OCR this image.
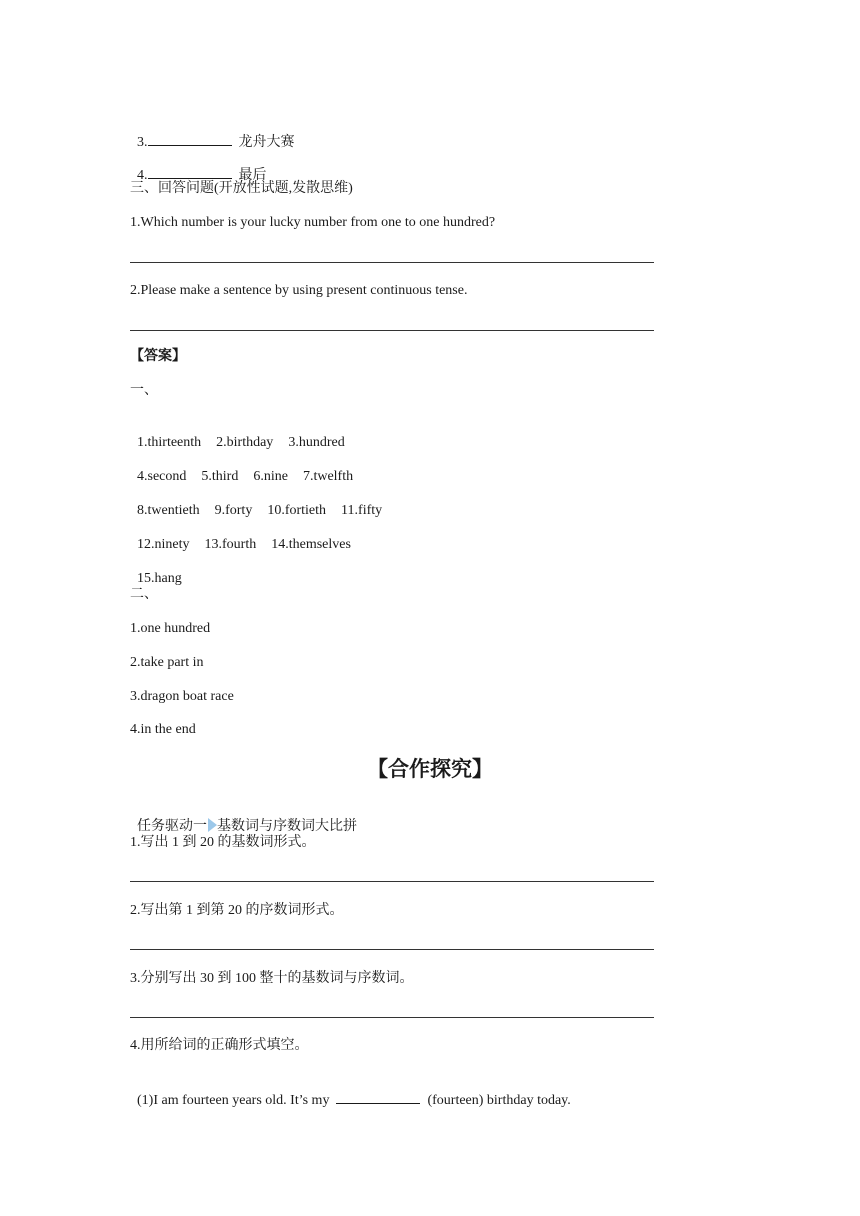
3.	龙舟大赛

4.	最后

三、回答问题(开放性试题,发散思维)
1.Which number is your lucky number from one to one hundred?
2.Please make a sentence by using present continuous tense.
【答案】
一、

1.thirteenth 2.birthday 3.hundred

4.second 5.third 6.nine 7.twelfth

8.twentieth 9.forty 10.fortieth 11.fifty

12.ninety 13.fourth 14.themselves

15.hang

二、
1.one hundred
2.take part in
3.dragon boat race
4.in the end
【合作探究】

任务驱动一 基数词与序数词大比拼

1.写出 1 到 20 的基数词形式。
2.写出第 1 到第 20 的序数词形式。
3.分别写出 30 到 100 整十的基数词与序数词。
4.用所给词的正确形式填空。

(1)I am fourteen years old. It’s my	(fourteen) birthday today.
